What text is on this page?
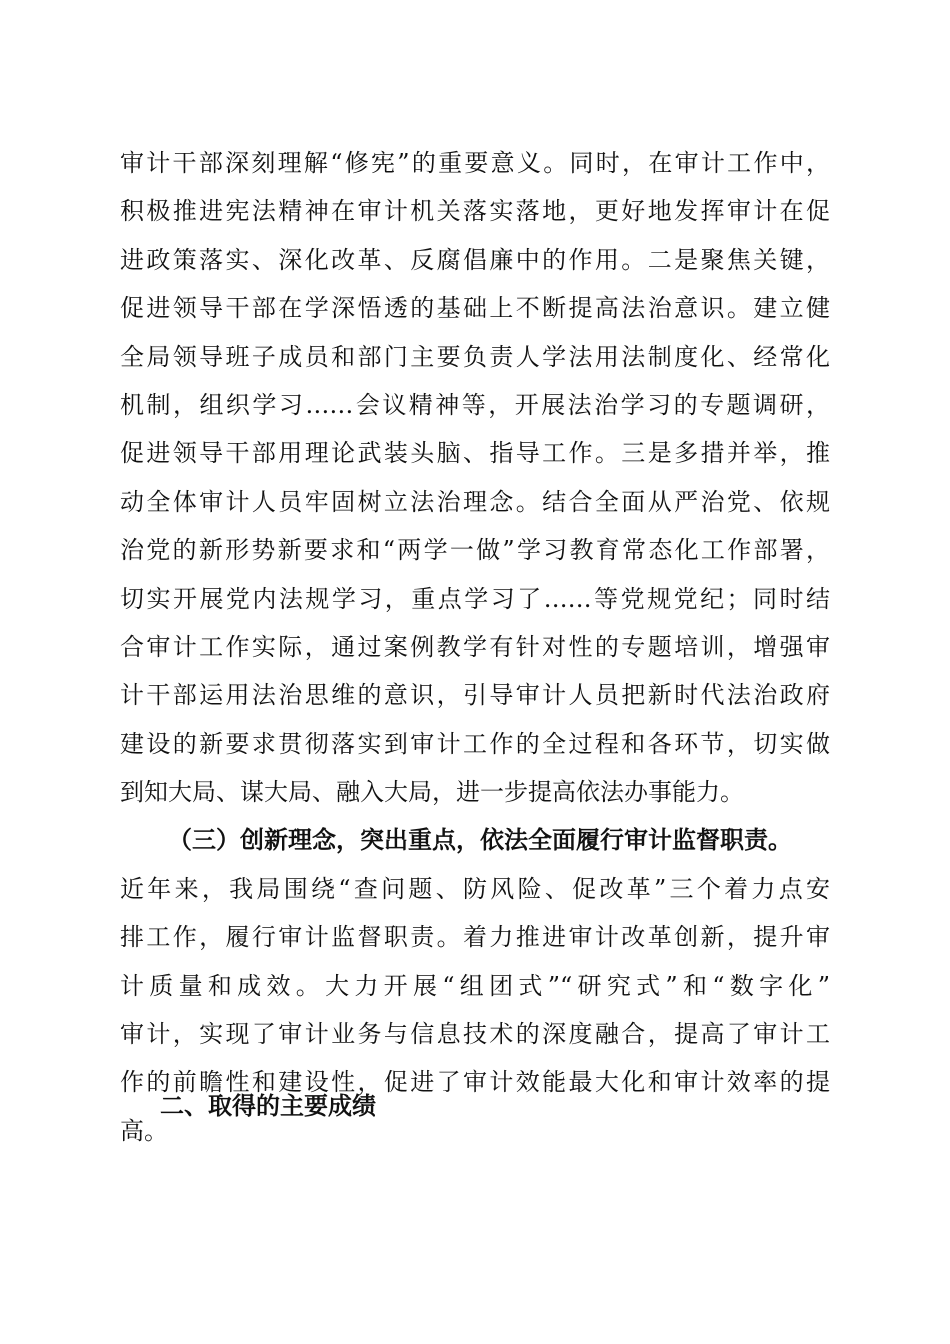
审计干部深刻理解“修宪”的重要意义。同时，在审计工作中，
积极推进宪法精神在审计机关落实落地，更好地发挥审计在促
进政策落实、深化改革、反腐倡廉中的作用。二是聚焦关键，
促进领导干部在学深悟透的基础上不断提高法治意识。建立健
全局领导班子成员和部门主要负责人学法用法制度化、经常化
机制，组织学习……会议精神等，开展法治学习的专题调研，
促进领导干部用理论武装头脑、指导工作。三是多措并举，推
动全体审计人员牢固树立法治理念。结合全面从严治党、依规
治党的新形势新要求和“两学一做”学习教育常态化工作部署，
切实开展党内法规学习，重点学习了……等党规党纪；同时结
合审计工作实际，通过案例教学有针对性的专题培训，增强审
计干部运用法治思维的意识，引导审计人员把新时代法治政府
建设的新要求贯彻落实到审计工作的全过程和各环节，切实做
到知大局、谋大局、融入大局，进一步提高依法办事能力。
（三）创新理念，突出重点，依法全面履行审计监督职责。
近年来，我局围绕“查问题、防风险、促改革”三个着力点安
排工作，履行审计监督职责。着力推进审计改革创新，提升审
计质量和成效。大力开展“组团式”“研究式”和“数字化”
审计，实现了审计业务与信息技术的深度融合，提高了审计工
作的前瞻性和建设性，促进了审计效能最大化和审计效率的提
高。
二、取得的主要成绩
